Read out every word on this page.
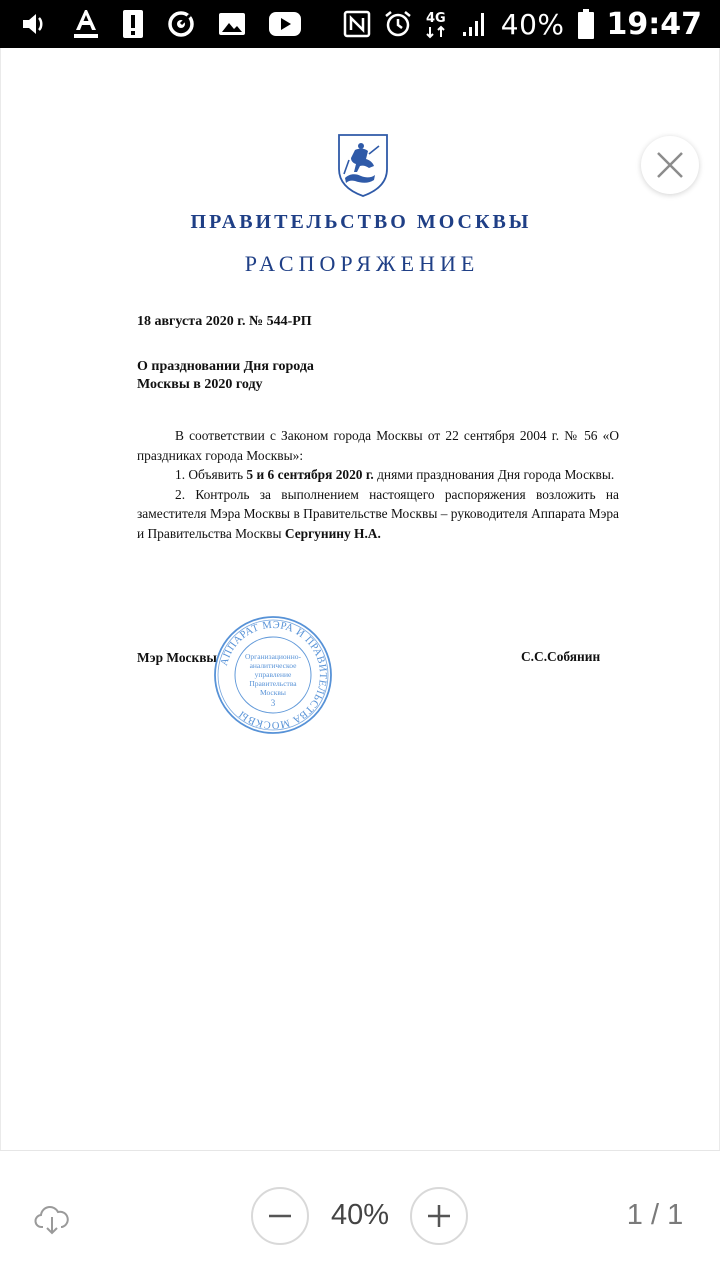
4G 40% 19:47
ПРАВИТЕЛЬСТВО МОСКВЫ
РАСПОРЯЖЕНИЕ
18 августа 2020 г. № 544-РП
О праздновании Дня города
Москвы в 2020 году

В соответствии с Законом города Москвы от 22 сентября 2004 г. № 56 «О праздниках города Москвы»:

1. Объявить 5 и 6 сентября 2020 г. днями празднования Дня города Москвы.

2. Контроль за выполнением настоящего распоряжения возложить на заместителя Мэра Москвы в Правительстве Москвы – руководителя Аппарата Мэра и Правительства Москвы Сергунину Н.А.

Мэр Москвы	С.С.Собянин
АППАРАТ МЭРА И ПРАВИТЕЛЬСТВА МОСКВЫ
Организационно-
аналитическое
управление
Правительства
Москвы
3
40%	1 / 1
